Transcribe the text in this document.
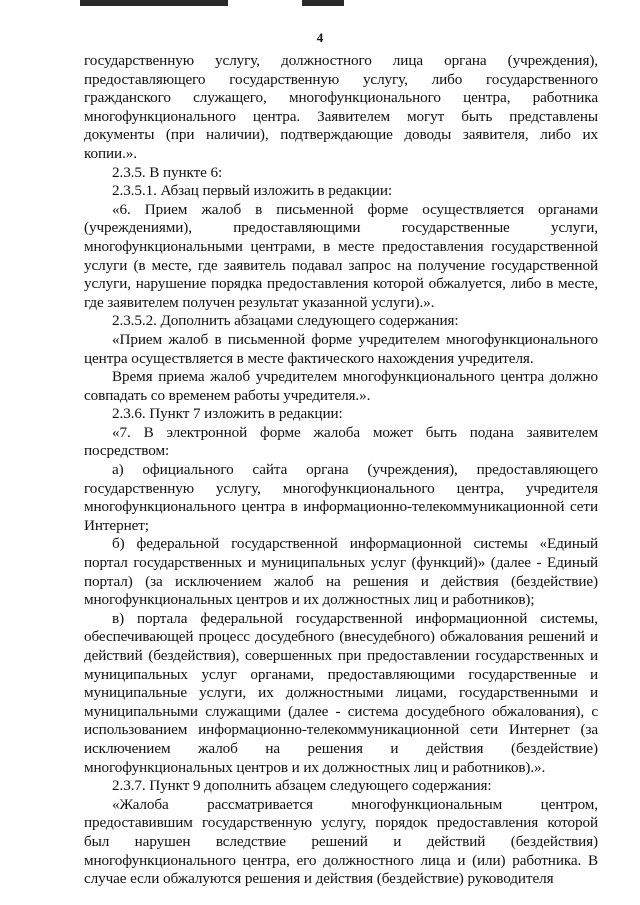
4

государственную услугу, должностного лица органа (учреждения), предоставляющего государственную услугу, либо государственного гражданского служащего, многофункционального центра, работника многофункционального центра. Заявителем могут быть представлены документы (при наличии), подтверждающие доводы заявителя, либо их копии.».

2.3.5. В пункте 6:

2.3.5.1. Абзац первый изложить в редакции:

«6. Прием жалоб в письменной форме осуществляется органами (учреждениями), предоставляющими государственные услуги, многофункциональными центрами, в месте предоставления государственной услуги (в месте, где заявитель подавал запрос на получение государственной услуги, нарушение порядка предоставления которой обжалуется, либо в месте, где заявителем получен результат указанной услуги).».

2.3.5.2. Дополнить абзацами следующего содержания:

«Прием жалоб в письменной форме учредителем многофункционального центра осуществляется в месте фактического нахождения учредителя.

Время приема жалоб учредителем многофункционального центра должно совпадать со временем работы учредителя.».

2.3.6. Пункт 7 изложить в редакции:

«7. В электронной форме жалоба может быть подана заявителем посредством:

а) официального сайта органа (учреждения), предоставляющего государственную услугу, многофункционального центра, учредителя многофункционального центра в информационно-телекоммуникационной сети Интернет;

б) федеральной государственной информационной системы «Единый портал государственных и муниципальных услуг (функций)» (далее - Единый портал) (за исключением жалоб на решения и действия (бездействие) многофункциональных центров и их должностных лиц и работников);

в) портала федеральной государственной информационной системы, обеспечивающей процесс досудебного (внесудебного) обжалования решений и действий (бездействия), совершенных при предоставлении государственных и муниципальных услуг органами, предоставляющими государственные и муниципальные услуги, их должностными лицами, государственными и муниципальными служащими (далее - система досудебного обжалования), с использованием информационно-телекоммуникационной сети Интернет (за исключением жалоб на решения и действия (бездействие) многофункциональных центров и их должностных лиц и работников).».

2.3.7. Пункт 9 дополнить абзацем следующего содержания:

«Жалоба рассматривается многофункциональным центром, предоставившим государственную услугу, порядок предоставления которой был нарушен вследствие решений и действий (бездействия) многофункционального центра, его должностного лица и (или) работника. В случае если обжалуются решения и действия (бездействие) руководителя
